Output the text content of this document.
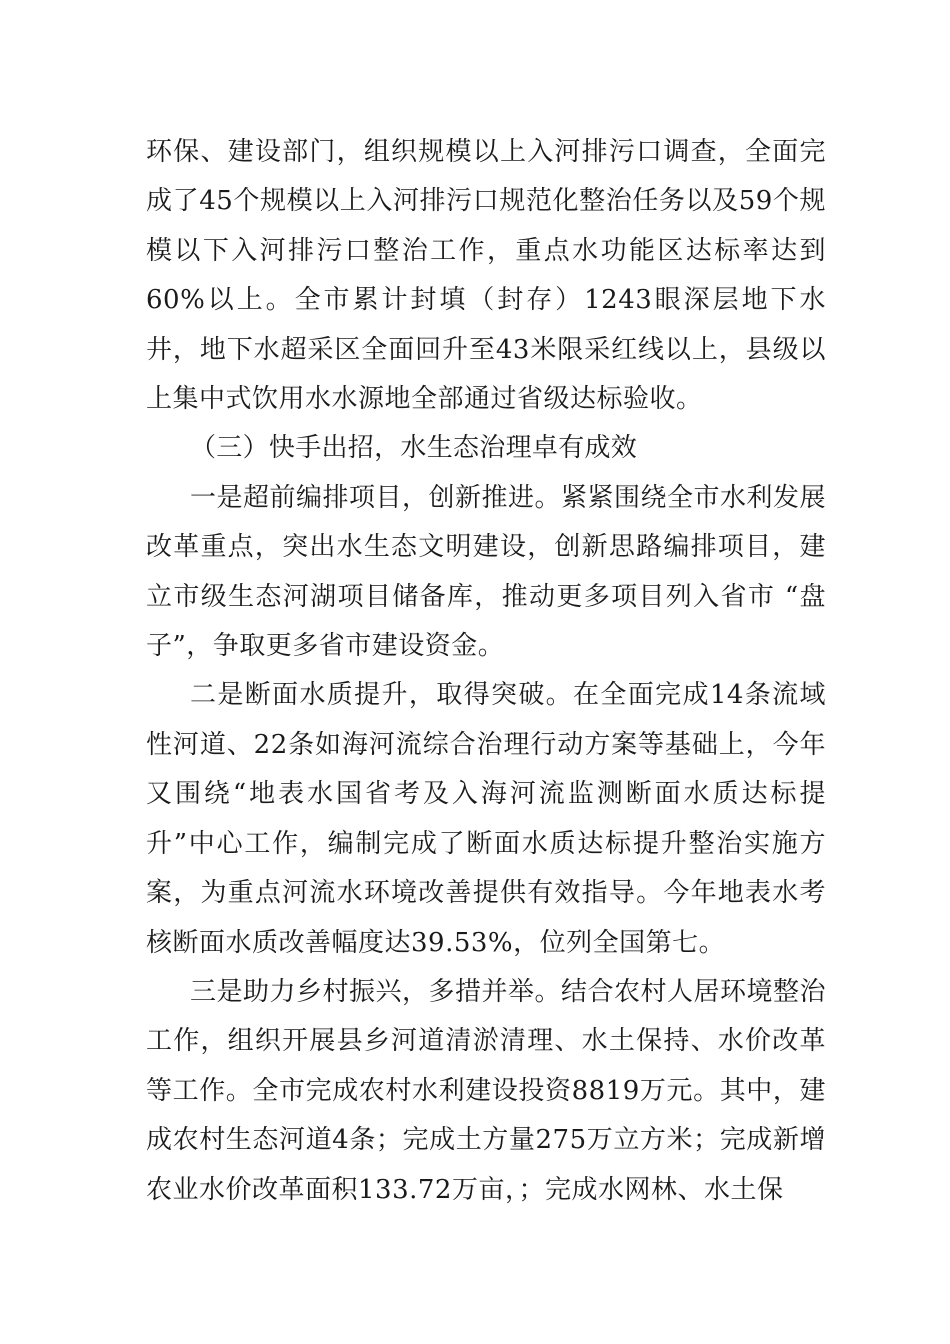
环保、建设部门，组织规模以上入河排污口调查，全面完成了45个规模以上入河排污口规范化整治任务以及59个规模以下入河排污口整治工作，重点水功能区达标率达到60%以上。全市累计封填（封存）1243眼深层地下水井，地下水超采区全面回升至43米限采红线以上，县级以上集中式饮用水水源地全部通过省级达标验收。

（三）快手出招，水生态治理卓有成效

一是超前编排项目，创新推进。紧紧围绕全市水利发展改革重点，突出水生态文明建设，创新思路编排项目，建立市级生态河湖项目储备库，推动更多项目列入省市 “盘子”，争取更多省市建设资金。

二是断面水质提升，取得突破。在全面完成14条流域性河道、22条如海河流综合治理行动方案等基础上，今年又围绕“地表水国省考及入海河流监测断面水质达标提升”中心工作，编制完成了断面水质达标提升整治实施方案，为重点河流水环境改善提供有效指导。今年地表水考核断面水质改善幅度达39.53%，位列全国第七。

三是助力乡村振兴，多措并举。结合农村人居环境整治工作，组织开展县乡河道清淤清理、水土保持、水价改革等工作。全市完成农村水利建设投资8819万元。其中，建成农村生态河道4条；完成土方量275万立方米；完成新增农业水价改革面积133.72万亩，；完成水网林、水土保
